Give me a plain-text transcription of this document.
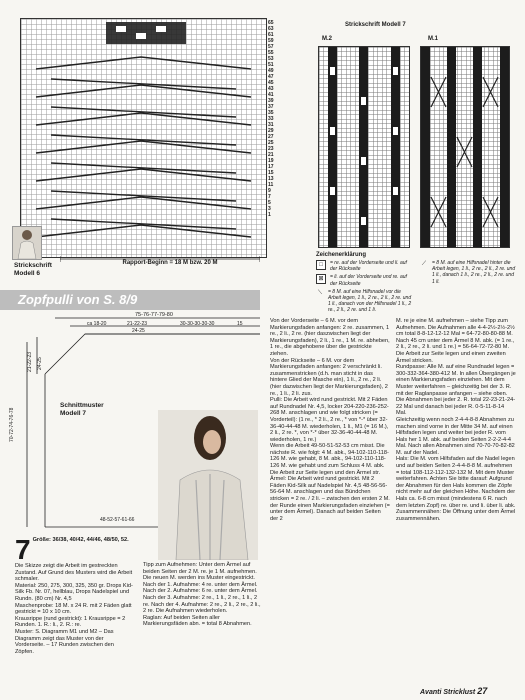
65
63
61
59
57
55
53
51
49
47
45
43
41
39
37
35
33
31
29
27
25
23
21
19
17
15
13
11
9
7
5
3
1
Strickschrift
Modell 6
Rapport-Beginn = 18 M bzw. 20 M
Strickschrift Modell 7
M.2	M.1
Zeichenerklärung
□	= re. auf der Vorderseite und li. auf der Rückseite
⊠	= li. auf der Vorderseite und re. auf der Rückseite
⟍	= 8 M. auf eine Hilfsnadel vor die Arbeit legen, 1 li., 2 re., 2 li., 2 re. und 1 li., danach von der Hilfsnadel 1 li., 2 re., 2 li., 2 re. und 1 li.
⟋	= 8 M. auf eine Hilfsnadel hinter die Arbeit legen, 1 li., 2 re., 2 li., 2 re. und 1 li., danach 1 li., 2 re., 2 li., 2 re. und 1 li.
Zopfpulli von S. 8/9
75-76-77-79-80
ca 18-20	21-22-23
24-25
30-30-30-30-30	15
70-72-74-76-78
21-22-23 24-25
Schnittmuster
Modell 7
48-52-57-61-66
7 Größe: 36/38, 40/42, 44/46, 48/50, 52.

Die Skizze zeigt die Arbeit im gestreckten Zustand. Auf Grund des Musters wird die Arbeit schmaler.

Material: 250, 275, 300, 325, 350 gr. Drops Kid-Silk Fb. Nr. 07, hellblau, Drops Nadelspiel und Rundn. (80 cm) Nr. 4,5

Maschenprobe: 18 M. x 24 R. mit 2 Fäden glatt gestrickt = 10 x 10 cm.

Krausrippe (rund gestrickt): 1 Krausrippe = 2 Runden. 1. R.: li., 2. R.: re.

Muster: S. Diagramm M1 und M2 – Das Diagramm zeigt das Muster von der Vorderseite. – 17 Runden zwischen den Zöpfen.

Tipp zum Aufnehmen: Unter dem Ärmel auf beiden Seiten der 2 M. re. je 1 M. aufnehmen. Die neuen M. werden ins Muster eingestrickt.

Nach der 1. Aufnahme: 4 re. unter dem Ärmel. Nach der 2. Aufnahme: 6 re. unter dem Ärmel. Nach der 3. Aufnahme: 2 re., 1 li., 2 re., 1 li., 2 re. Nach der 4. Aufnahme: 2 re., 2 li., 2 re., 2 li., 2 re. Die Aufnahmen wiederholen.

Raglan: Auf beiden Seiten aller Markierungsfäden abn. = total 8 Abnahmen.

Von der Vorderseite – 6 M. vor dem Markierungsfaden anfangen: 2 re. zusammen, 1 re., 2 li., 2 re. (hier daszwischen liegt der Markierungsfaden), 2 li., 1 re., 1 M. re. abheben, 1 re., die abgehobene über die gestrickte ziehen.

Von der Rückseite – 6 M. vor dem Markierungsfaden anfangen: 2 verschränkt li. zusammenstricken (d.h. man sticht in das hintere Glied der Masche ein), 1 li., 2 re., 2 li. (hier dazwischen liegt der Markierungsfaden), 2 re., 1 li., 2 li. zus.

Pulli: Die Arbeit wird rund gestrickt. Mit 2 Fäden auf Rundnadel Nr. 4,5, locker 204-220-236-252-268 M. anschlagen und wie folgt stricken (= Vorderteil): (1 re., * 2 li., 2 re., * von *-* über 32-36-40-44-48 M. wiederholen, 1 li., M1 (= 16 M.), 2 li., 2 re. *, von *-* über 32-36-40-44-48 M. wiederholen, 1 re.)

Wenn die Arbeit 49-50-51-52-53 cm misst. Die nächste R. wie folgt: 4 M. abk., 94-102-110-118-126 M. wie gehabt, 8 M. abk., 94-102-110-118-126 M. wie gehabt und zum Schluss 4 M. abk. Die Arbeit zur Seite legen und den Ärmel str.

Ärmel: Die Arbeit wird rund gestrickt. Mit 2 Fäden Kid-Silk auf Nadelspiel Nr. 4,5 48-56-56-56-64 M. anschlagen und das Bündchen stricken = 2 re. / 2 li. – zwischen den ersten 2 M. der Runde einen Markierungsfaden einziehen (= unter dem Ärmel). Danach auf beiden Seiten der 2

M. re je eine M. aufnehmen – siehe Tipp zum Aufnehmen. Die Aufnahmen alle 4-4-2½-2½-2½ cm total 8-8-12-12-12 Mal = 64-72-80-80-88 M. Nach 45 cm unter dem Ärmel 8 M. abk. (= 1 re., 2 li., 2 re., 2 li. und 1 re.) = 56-64-72-72-80 M. Die Arbeit zur Seite legen und einen zweiten Ärmel stricken.

Rundpasse: Alle M. auf eine Rundnadel legen = 300-332-364-380-412 M. In allen Übergängen je einen Markierungsfaden einziehen. Mit dem Muster weiterfahren – gleichzeitig bei der 3. R. mit der Raglanpasse anfangen – siehe oben. Die Abnahmen bei jeder 2. R. total 22-23-21-24-22 Mal und danach bei jeder R. 0-5-11-8-14 Mal.

Gleichzeitig wenn noch 2-4-4-8-8 Abnahmen zu machen sind vorne in der Mitte 34 M. auf einen Hilfsfaden legen und weiter bei jeder R. vom Hals her 1 M. abk. auf beiden Seiten 2-2-2-4-4 Mal. Nach allen Abnahmen sind 70-70-70-82-82 M. auf der Nadel.

Hals: Die M. vom Hilfsfaden auf die Nadel legen und auf beiden Seiten 2-4-4-8-8 M. aufnehmen = total 108-112-112-132-132 M. Mit dem Muster weiterfahren. Achten Sie bitte darauf: Aufgrund der Abnahmen für den Hals kommen die Zöpfe nicht mehr auf der gleichen Höhe. Nachdem der Hals ca. 6-8 cm misst (mindestens 6 R. nach dem letzten Zopf) re. über re. und li. über li. abk.

Zusammennähen: Die Öffnung unter dem Ärmel zusammennähen.

Avanti Stricklust 27
